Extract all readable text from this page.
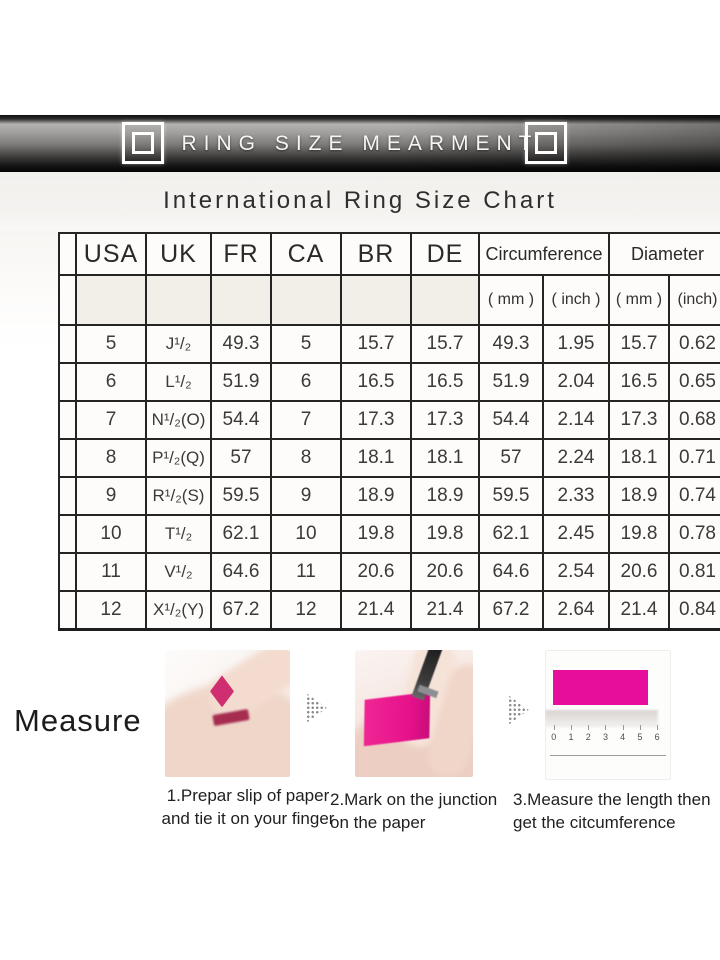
RING SIZE MEARMENT
International Ring Size Chart
	USA	UK	FR	CA	BR	DE	Circumference		Diameter	
							( mm )	( inch )	( mm )	(inch)
	5	J¹/₂	49.3	5	15.7	15.7	49.3	1.95	15.7	0.62
	6	L¹/₂	51.9	6	16.5	16.5	51.9	2.04	16.5	0.65
	7	N¹/₂(O)	54.4	7	17.3	17.3	54.4	2.14	17.3	0.68
	8	P¹/₂(Q)	57	8	18.1	18.1	57	2.24	18.1	0.71
	9	R¹/₂(S)	59.5	9	18.9	18.9	59.5	2.33	18.9	0.74
	10	T¹/₂	62.1	10	19.8	19.8	62.1	2.45	19.8	0.78
	11	V¹/₂	64.6	11	20.6	20.6	64.6	2.54	20.6	0.81
	12	X¹/₂(Y)	67.2	12	21.4	21.4	67.2	2.64	21.4	0.84
Measure	0 1 2 3 4 5 6
1.Prepar slip of paper
and tie it on your finger
2.Mark on the junction
on the paper
3.Measure the length then
get the citcumference
